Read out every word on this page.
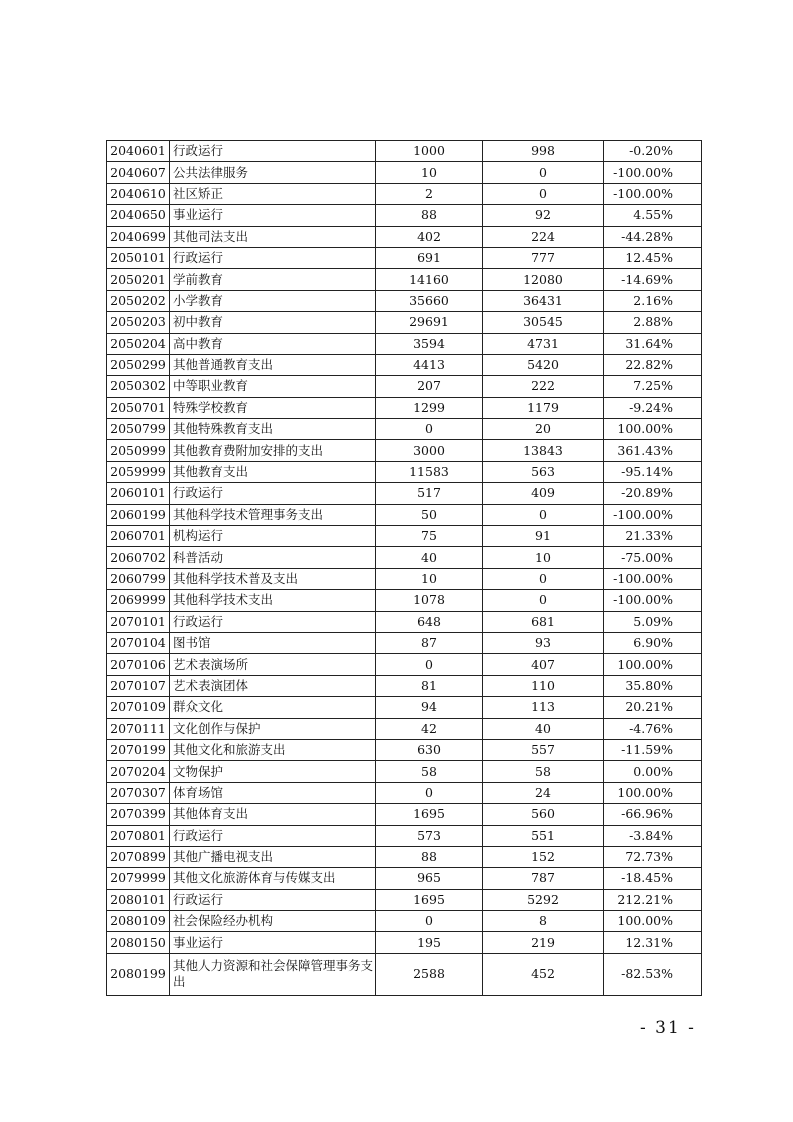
2040601	行政运行	1000	998	-0.20%
2040607	公共法律服务	10	0	-100.00%
2040610	社区矫正	2	0	-100.00%
2040650	事业运行	88	92	4.55%
2040699	其他司法支出	402	224	-44.28%
2050101	行政运行	691	777	12.45%
2050201	学前教育	14160	12080	-14.69%
2050202	小学教育	35660	36431	2.16%
2050203	初中教育	29691	30545	2.88%
2050204	高中教育	3594	4731	31.64%
2050299	其他普通教育支出	4413	5420	22.82%
2050302	中等职业教育	207	222	7.25%
2050701	特殊学校教育	1299	1179	-9.24%
2050799	其他特殊教育支出	0	20	100.00%
2050999	其他教育费附加安排的支出	3000	13843	361.43%
2059999	其他教育支出	11583	563	-95.14%
2060101	行政运行	517	409	-20.89%
2060199	其他科学技术管理事务支出	50	0	-100.00%
2060701	机构运行	75	91	21.33%
2060702	科普活动	40	10	-75.00%
2060799	其他科学技术普及支出	10	0	-100.00%
2069999	其他科学技术支出	1078	0	-100.00%
2070101	行政运行	648	681	5.09%
2070104	图书馆	87	93	6.90%
2070106	艺术表演场所	0	407	100.00%
2070107	艺术表演团体	81	110	35.80%
2070109	群众文化	94	113	20.21%
2070111	文化创作与保护	42	40	-4.76%
2070199	其他文化和旅游支出	630	557	-11.59%
2070204	文物保护	58	58	0.00%
2070307	体育场馆	0	24	100.00%
2070399	其他体育支出	1695	560	-66.96%
2070801	行政运行	573	551	-3.84%
2070899	其他广播电视支出	88	152	72.73%
2079999	其他文化旅游体育与传媒支出	965	787	-18.45%
2080101	行政运行	1695	5292	212.21%
2080109	社会保险经办机构	0	8	100.00%
2080150	事业运行	195	219	12.31%
2080199	其他人力资源和社会保障管理事务支出	2588	452	-82.53%
- 31 -
